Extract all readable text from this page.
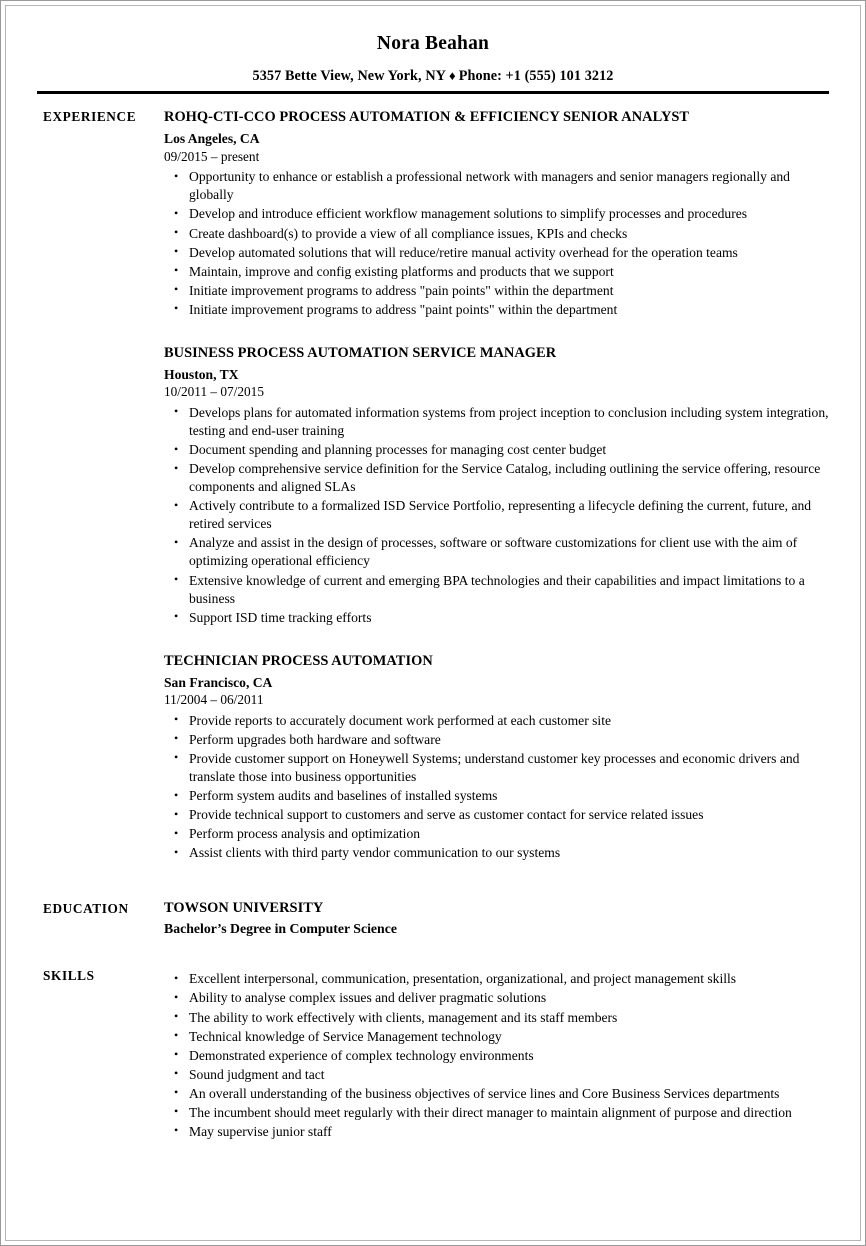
Nora Beahan
5357 Bette View, New York, NY ♦ Phone: +1 (555) 101 3212
EXPERIENCE	ROHQ-CTI-CCO PROCESS AUTOMATION & EFFICIENCY SENIOR ANALYST
Los Angeles, CA
09/2015 – present
• Opportunity to enhance or establish a professional network with managers and senior managers regionally and globally
• Develop and introduce efficient workflow management solutions to simplify processes and procedures
• Create dashboard(s) to provide a view of all compliance issues, KPIs and checks
• Develop automated solutions that will reduce/retire manual activity overhead for the operation teams
• Maintain, improve and config existing platforms and products that we support
• Initiate improvement programs to address "pain points" within the department
• Initiate improvement programs to address "paint points" within the department
BUSINESS PROCESS AUTOMATION SERVICE MANAGER
Houston, TX
10/2011 – 07/2015
• Develops plans for automated information systems from project inception to conclusion including system integration, testing and end-user training
• Document spending and planning processes for managing cost center budget
• Develop comprehensive service definition for the Service Catalog, including outlining the service offering, resource components and aligned SLAs
• Actively contribute to a formalized ISD Service Portfolio, representing a lifecycle defining the current, future, and retired services
• Analyze and assist in the design of processes, software or software customizations for client use with the aim of optimizing operational efficiency
• Extensive knowledge of current and emerging BPA technologies and their capabilities and impact limitations to a business
• Support ISD time tracking efforts
TECHNICIAN PROCESS AUTOMATION
San Francisco, CA
11/2004 – 06/2011
• Provide reports to accurately document work performed at each customer site
• Perform upgrades both hardware and software
• Provide customer support on Honeywell Systems; understand customer key processes and economic drivers and translate those into business opportunities
• Perform system audits and baselines of installed systems
• Provide technical support to customers and serve as customer contact for service related issues
• Perform process analysis and optimization
• Assist clients with third party vendor communication to our systems
EDUCATION	TOWSON UNIVERSITY
Bachelor’s Degree in Computer Science
SKILLS	• Excellent interpersonal, communication, presentation, organizational, and project management skills
• Ability to analyse complex issues and deliver pragmatic solutions
• The ability to work effectively with clients, management and its staff members
• Technical knowledge of Service Management technology
• Demonstrated experience of complex technology environments
• Sound judgment and tact
• An overall understanding of the business objectives of service lines and Core Business Services departments
• The incumbent should meet regularly with their direct manager to maintain alignment of purpose and direction
• May supervise junior staff
